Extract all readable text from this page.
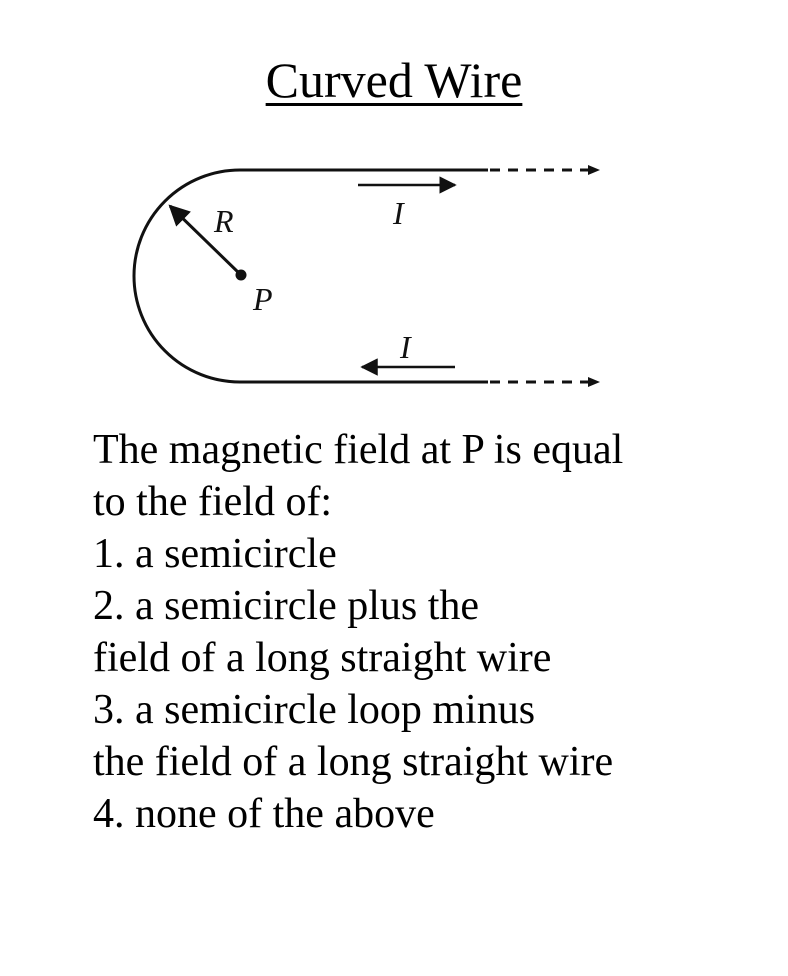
Curved Wire
R
P
I
I
The magnetic field at P is equal
to the field of:
1. a semicircle
2. a semicircle plus the
field of a long straight wire
3. a semicircle loop minus
the field of a long straight wire
4. none of the above
